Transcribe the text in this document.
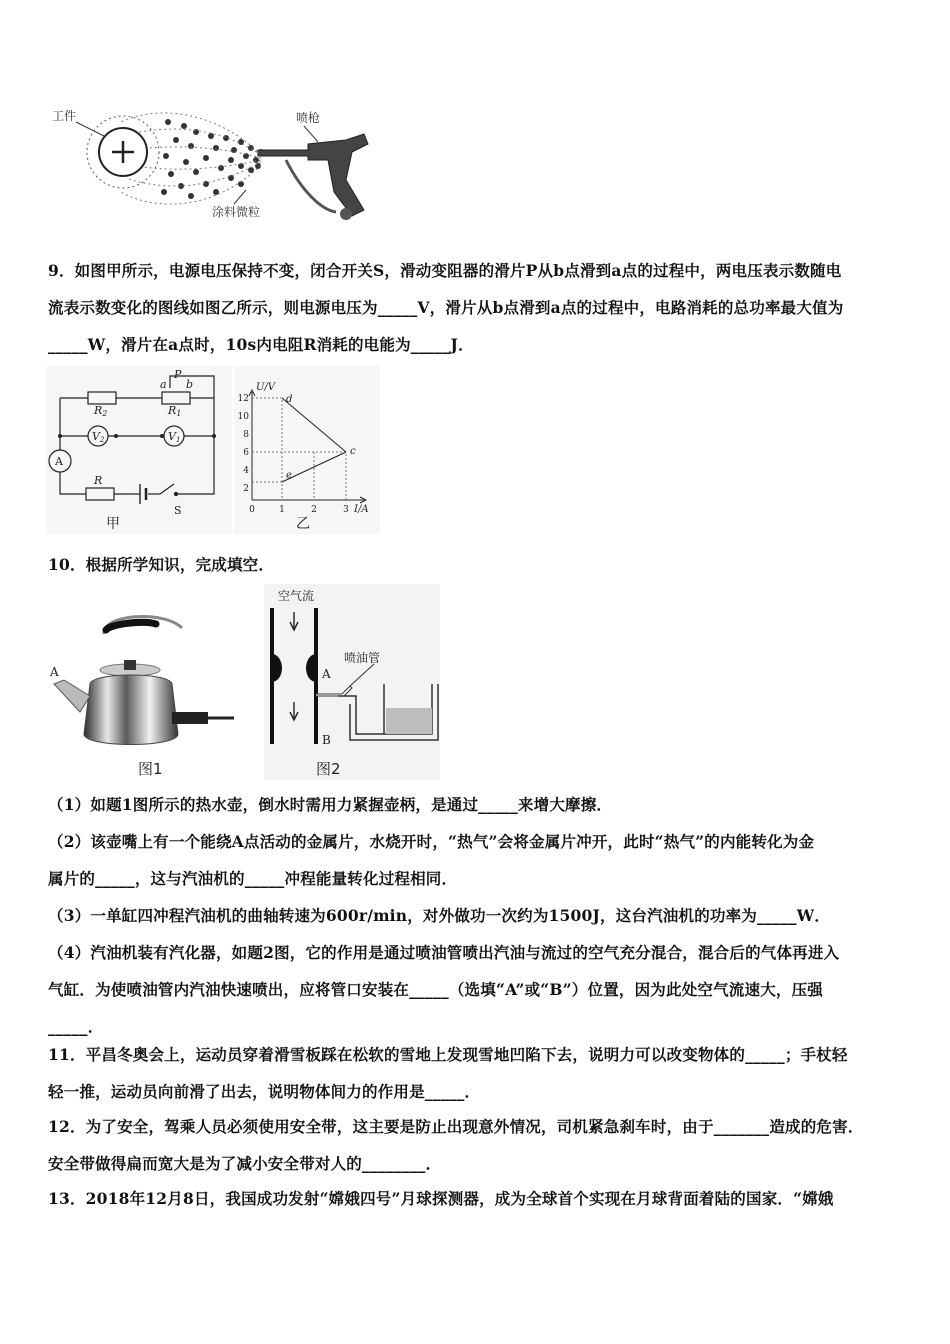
工件	喷枪
涂料微粒

9．如图甲所示，电源电压保持不变，闭合开关S，滑动变阻器的滑片P从b点滑到a点的过程中，两电压表示数随电

流表示数变化的图线如图乙所示，则电源电压为_____V，滑片从b点滑到a点的过程中，电路消耗的总功率最大值为

_____W，滑片在a点时，10s内电阻R消耗的电能为_____J．

R2	R1
P
a b
V2	V1
A
R
S
甲
12
10
8
6
4
2
0	1	2	3
U/V
I/A
d
c
e
乙

10．根据所学知识，完成填空．

A
图1
空气流
喷油管
A
B
图2

（1）如题1图所示的热水壶，倒水时需用力紧握壶柄，是通过_____来增大摩擦．

（2）该壶嘴上有一个能绕A点活动的金属片，水烧开时，“热气”会将金属片冲开，此时“热气”的内能转化为金

属片的_____，这与汽油机的_____冲程能量转化过程相同．

（3）一单缸四冲程汽油机的曲轴转速为600r/min，对外做功一次约为1500J，这台汽油机的功率为_____W．

（4）汽油机装有汽化器，如题2图，它的作用是通过喷油管喷出汽油与流过的空气充分混合，混合后的气体再进入

气缸．为使喷油管内汽油快速喷出，应将管口安装在_____（选填“A”或“B”）位置，因为此处空气流速大，压强

_____．

11．平昌冬奥会上，运动员穿着滑雪板踩在松软的雪地上发现雪地凹陷下去，说明力可以改变物体的_____；手杖轻

轻一推，运动员向前滑了出去，说明物体间力的作用是_____．

12．为了安全，驾乘人员必须使用安全带，这主要是防止出现意外情况，司机紧急刹车时，由于_______造成的危害．

安全带做得扁而宽大是为了减小安全带对人的________．

13．2018年12月8日，我国成功发射“嫦娥四号”月球探测器，成为全球首个实现在月球背面着陆的国家．“嫦娥
